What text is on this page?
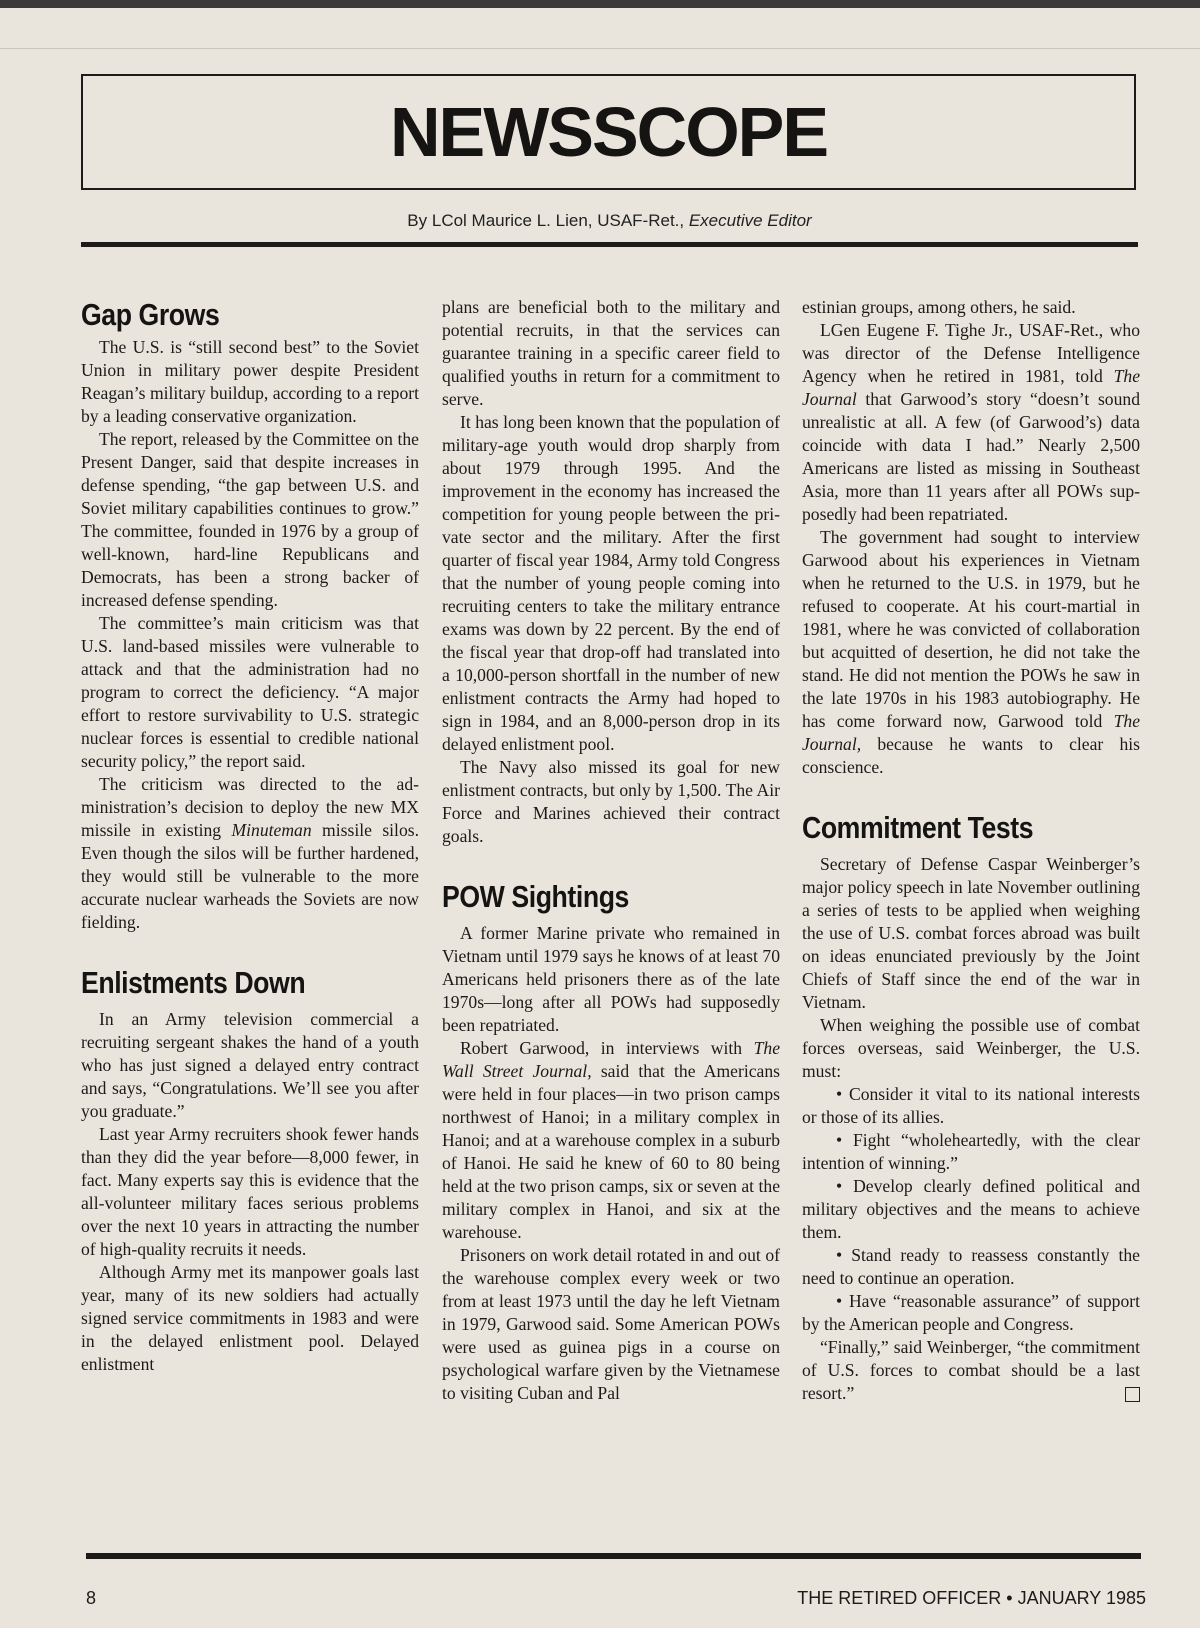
NEWSSCOPE
By LCol Maurice L. Lien, USAF-Ret., Executive Editor
Gap Grows

The U.S. is “still second best” to the Soviet Union in military power despite President Reagan’s military buildup, according to a report by a leading conservative organization.

The report, released by the Committee on the Present Danger, said that despite increases in defense spending, “the gap between U.S. and Soviet military capabilities continues to grow.” The committee, founded in 1976 by a group of well-known, hard-line Republicans and Democrats, has been a strong backer of increased defense spending.

The committee’s main criticism was that U.S. land-based missiles were vulnerable to attack and that the administration had no program to correct the deficiency. “A major effort to restore survivability to U.S. strategic nuclear forces is essential to credible national security policy,” the report said.

The criticism was directed to the administration’s decision to deploy the new MX missile in existing Minuteman missile silos. Even though the silos will be further hardened, they would still be vulnerable to the more accurate nuclear warheads the Soviets are now fielding.

Enlistments Down

In an Army television commercial a recruiting sergeant shakes the hand of a youth who has just signed a delayed entry contract and says, “Congratulations. We’ll see you after you graduate.”

Last year Army recruiters shook fewer hands than they did the year before—8,000 fewer, in fact. Many experts say this is evidence that the all-volunteer military faces serious problems over the next 10 years in attracting the number of high-quality recruits it needs.

Although Army met its manpower goals last year, many of its new soldiers had actually signed service commitments in 1983 and were in the delayed enlistment pool. Delayed enlistment

plans are beneficial both to the military and potential recruits, in that the services can guarantee training in a specific career field to qualified youths in return for a commitment to serve.

It has long been known that the population of military-age youth would drop sharply from about 1979 through 1995. And the improvement in the economy has increased the competition for young people between the private sector and the military. After the first quarter of fiscal year 1984, Army told Congress that the number of young people coming into recruiting centers to take the military entrance exams was down by 22 percent. By the end of the fiscal year that drop-off had translated into a 10,000-person shortfall in the number of new enlistment contracts the Army had hoped to sign in 1984, and an 8,000-person drop in its delayed enlistment pool.

The Navy also missed its goal for new enlistment contracts, but only by 1,500. The Air Force and Marines achieved their contract goals.

POW Sightings

A former Marine private who remained in Vietnam until 1979 says he knows of at least 70 Americans held prisoners there as of the late 1970s—long after all POWs had supposedly been repatriated.

Robert Garwood, in interviews with The Wall Street Journal, said that the Americans were held in four places—in two prison camps northwest of Hanoi; in a military complex in Hanoi; and at a warehouse complex in a suburb of Hanoi. He said he knew of 60 to 80 being held at the two prison camps, six or seven at the military complex in Hanoi, and six at the warehouse.

Prisoners on work detail rotated in and out of the warehouse complex every week or two from at least 1973 until the day he left Vietnam in 1979, Garwood said. Some American POWs were used as guinea pigs in a course on psychological warfare given by the Vietnamese to visiting Cuban and Pal

estinian groups, among others, he said.

LGen Eugene F. Tighe Jr., USAF-Ret., who was director of the Defense Intelligence Agency when he retired in 1981, told The Journal that Garwood’s story “doesn’t sound unrealistic at all. A few (of Garwood’s) data coincide with data I had.” Nearly 2,500 Americans are listed as missing in Southeast Asia, more than 11 years after all POWs supposedly had been repatriated.

The government had sought to interview Garwood about his experiences in Vietnam when he returned to the U.S. in 1979, but he refused to cooperate. At his court-martial in 1981, where he was convicted of collaboration but acquitted of desertion, he did not take the stand. He did not mention the POWs he saw in the late 1970s in his 1983 autobiography. He has come forward now, Garwood told The Journal, because he wants to clear his conscience.

Commitment Tests

Secretary of Defense Caspar Weinberger’s major policy speech in late November outlining a series of tests to be applied when weighing the use of U.S. combat forces abroad was built on ideas enunciated previously by the Joint Chiefs of Staff since the end of the war in Vietnam.

When weighing the possible use of combat forces overseas, said Weinberger, the U.S. must:

• Consider it vital to its national interests or those of its allies.

• Fight “wholeheartedly, with the clear intention of winning.”

• Develop clearly defined political and military objectives and the means to achieve them.

• Stand ready to reassess constantly the need to continue an operation.

• Have “reasonable assurance” of support by the American people and Congress.

“Finally,” said Weinberger, “the commitment of U.S. forces to combat should be a last resort.”

8	THE RETIRED OFFICER • JANUARY 1985
